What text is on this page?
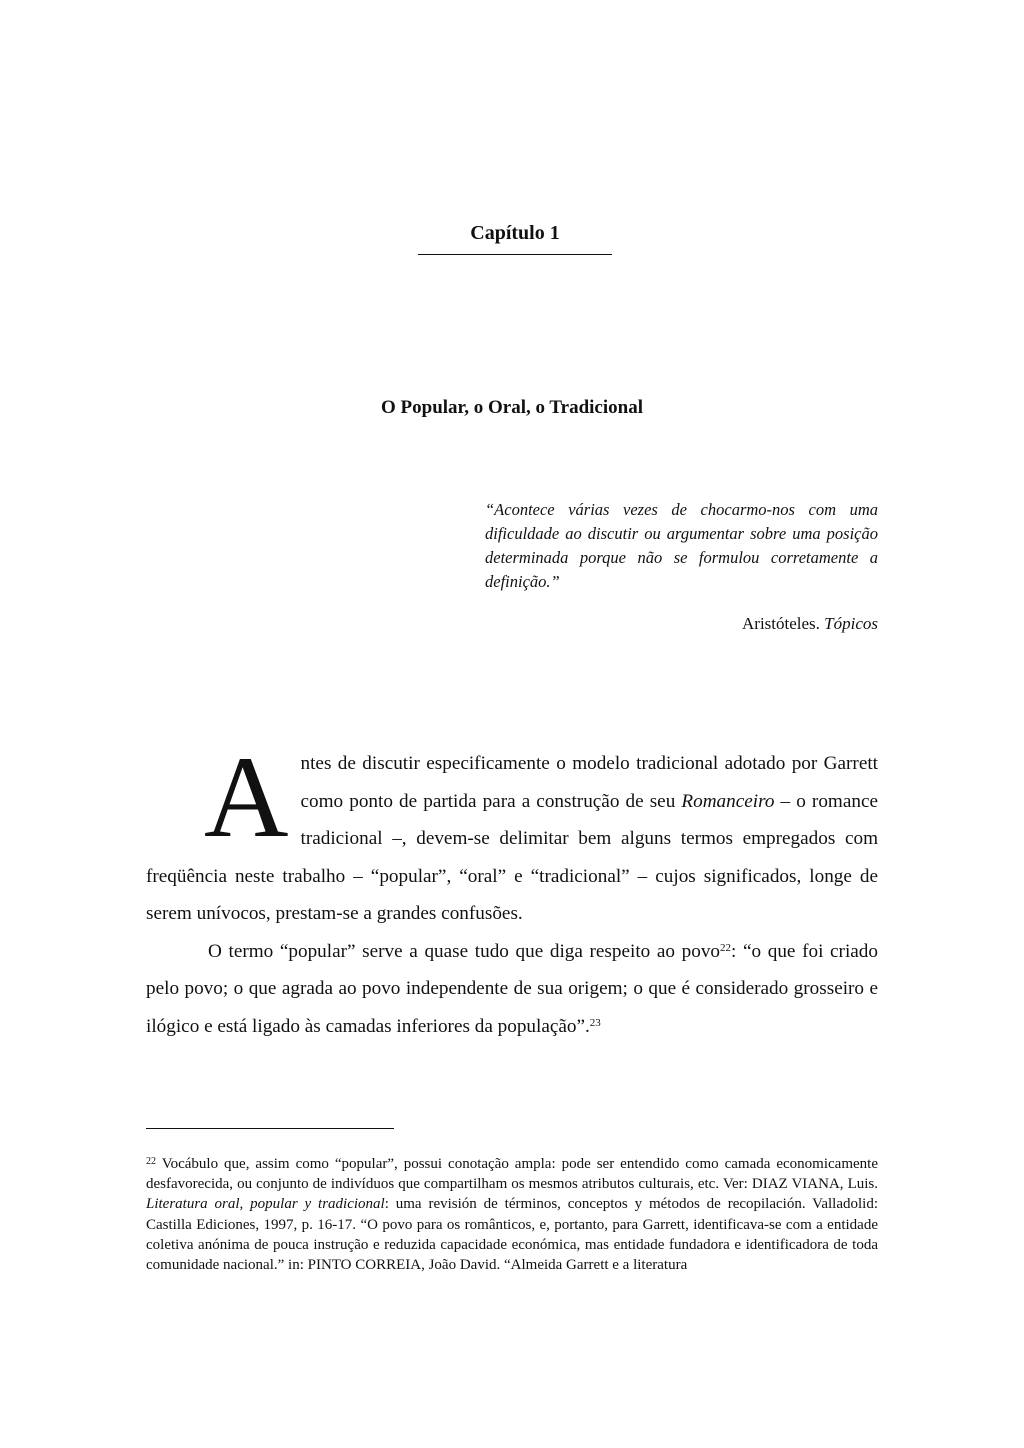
Capítulo 1
O Popular, o Oral, o Tradicional
“Acontece várias vezes de chocarmo-nos com uma dificuldade ao discutir ou argumentar sobre uma posição determinada porque não se formulou corretamente a definição.”
Aristóteles. Tópicos

Antes de discutir especificamente o modelo tradicional adotado por Garrett como ponto de partida para a construção de seu Romanceiro – o romance tradicional –, devem-se delimitar bem alguns termos empregados com freqüência neste trabalho – “popular”, “oral” e “tradicional” – cujos significados, longe de serem unívocos, prestam-se a grandes confusões.

O termo “popular” serve a quase tudo que diga respeito ao povo$^{22}$: “o que foi criado pelo povo; o que agrada ao povo independente de sua origem; o que é considerado grosseiro e ilógico e está ligado às camadas inferiores da população”.$^{23}$

$^{22}$ Vocábulo que, assim como “popular”, possui conotação ampla: pode ser entendido como camada economicamente desfavorecida, ou conjunto de indivíduos que compartilham os mesmos atributos culturais, etc. Ver: DIAZ VIANA, Luis. Literatura oral, popular y tradicional: uma revisión de términos, conceptos y métodos de recopilación. Valladolid: Castilla Ediciones, 1997, p. 16-17. “O povo para os românticos, e, portanto, para Garrett, identificava-se com a entidade coletiva anónima de pouca instrução e reduzida capacidade económica, mas entidade fundadora e identificadora de toda comunidade nacional.” in: PINTO CORREIA, João David. “Almeida Garrett e a literatura
